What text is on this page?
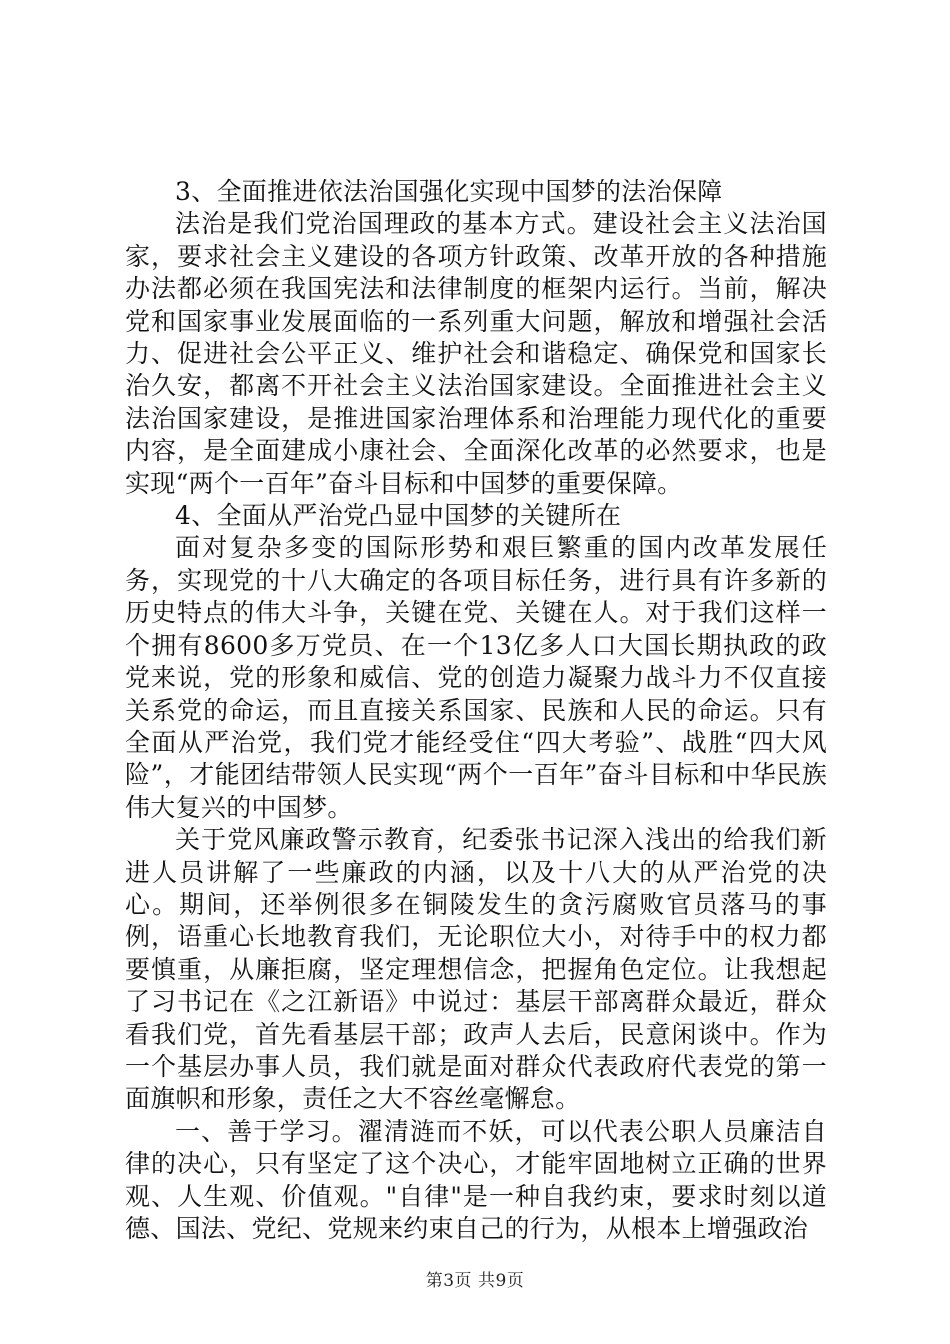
3、全面推进依法治国强化实现中国梦的法治保障

法治是我们党治国理政的基本方式。建设社会主义法治国家，要求社会主义建设的各项方针政策、改革开放的各种措施办法都必须在我国宪法和法律制度的框架内运行。当前，解决党和国家事业发展面临的一系列重大问题，解放和增强社会活力、促进社会公平正义、维护社会和谐稳定、确保党和国家长治久安，都离不开社会主义法治国家建设。全面推进社会主义法治国家建设，是推进国家治理体系和治理能力现代化的重要内容，是全面建成小康社会、全面深化改革的必然要求，也是实现“两个一百年”奋斗目标和中国梦的重要保障。

4、全面从严治党凸显中国梦的关键所在

面对复杂多变的国际形势和艰巨繁重的国内改革发展任务，实现党的十八大确定的各项目标任务，进行具有许多新的历史特点的伟大斗争，关键在党、关键在人。对于我们这样一个拥有8600多万党员、在一个13亿多人口大国长期执政的政党来说，党的形象和威信、党的创造力凝聚力战斗力不仅直接关系党的命运，而且直接关系国家、民族和人民的命运。只有全面从严治党，我们党才能经受住“四大考验”、战胜“四大风险”，才能团结带领人民实现“两个一百年”奋斗目标和中华民族伟大复兴的中国梦。

关于党风廉政警示教育，纪委张书记深入浅出的给我们新进人员讲解了一些廉政的内涵，以及十八大的从严治党的决心。期间，还举例很多在铜陵发生的贪污腐败官员落马的事例，语重心长地教育我们，无论职位大小，对待手中的权力都要慎重，从廉拒腐，坚定理想信念，把握角色定位。让我想起了习书记在《之江新语》中说过：基层干部离群众最近，群众看我们党，首先看基层干部；政声人去后，民意闲谈中。作为一个基层办事人员，我们就是面对群众代表政府代表党的第一面旗帜和形象，责任之大不容丝毫懈怠。

一、善于学习。濯清涟而不妖，可以代表公职人员廉洁自律的决心，只有坚定了这个决心，才能牢固地树立正确的世界观、人生观、价值观。"自律"是一种自我约束，要求时刻以道德、国法、党纪、党规来约束自己的行为，从根本上增强政治

第3页 共9页
